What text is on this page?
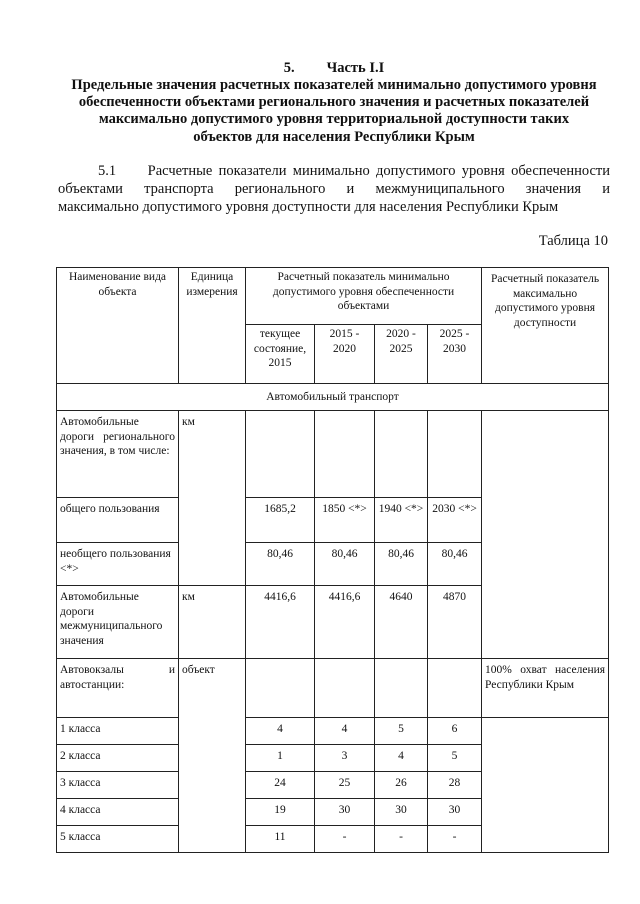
5. Часть I.I
Предельные значения расчетных показателей минимально допустимого уровня
обеспеченности объектами регионального значения и расчетных показателей
максимально допустимого уровня территориальной доступности таких
объектов для населения Республики Крым
5.1     Расчетные показатели минимально допустимого уровня обеспеченности
объектами транспорта регионального и межмуниципального значения и
максимально допустимого уровня доступности для населения Республики Крым
Таблица 10
Наименование вида объекта	Единица измерения	Расчетный показатель минимально допустимого уровня обеспеченности объектами				Расчетный показатель максимально допустимого уровня доступности
		текущее состояние, 2015	2015 - 2020	2020 - 2025	2025 - 2030	
Автомобильный транспорт						
Автомобильные дороги регионального значения, в том числе:	км					
общего пользования		1685,2	1850 <*>	1940 <*>	2030 <*>	
необщего пользования <*>		80,46	80,46	80,46	80,46	
Автомобильные дороги межмуниципального значения	км	4416,6	4416,6	4640	4870	
Автовокзалы и автостанции:	объект					100% охват населения Республики Крым
1 класса		4	4	5	6	
2 класса		1	3	4	5	
3 класса		24	25	26	28	
4 класса		19	30	30	30	
5 класса		11	-	-	-	
